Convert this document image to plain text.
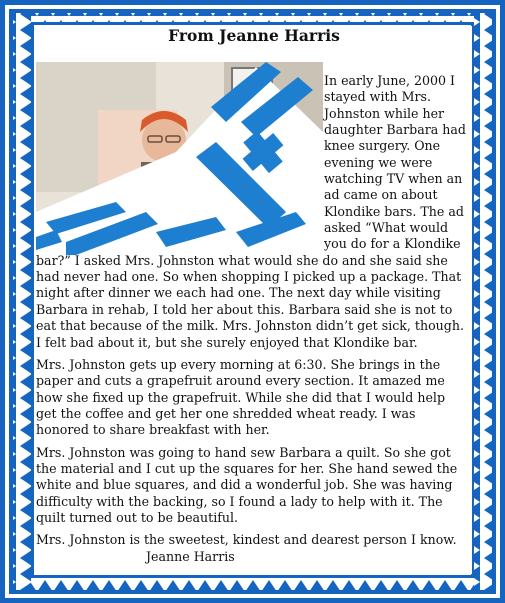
From Jeanne Harris

In early June, 2000 I stayed with Mrs. Johnston while her daughter Barbara had knee surgery. One evening we were watching TV when an ad came on about Klondike bars. The ad asked “What would you do for a Klondike bar?” I asked Mrs. Johnston what would she do and she said she had never had one. So when shopping I picked up a package. That night after dinner we each had one. The next day while visiting Barbara in rehab, I told her about this. Barbara said she is not to eat that because of the milk. Mrs. Johnston didn’t get sick, though. I felt bad about it, but she surely enjoyed that Klondike bar.

Mrs. Johnston gets up every morning at 6:30. She brings in the paper and cuts a grapefruit around every section. It amazed me how she fixed up the grapefruit. While she did that I would help get the coffee and get her one shredded wheat ready. I was honored to share breakfast with her.

Mrs. Johnston was going to hand sew Barbara a quilt. So she got the material and I cut up the squares for her. She hand sewed the white and blue squares, and did a wonderful job. She was having difficulty with the backing, so I found a lady to help with it. The quilt turned out to be beautiful.

Mrs. Johnston is the sweetest, kindest and dearest person I know.

Jeanne Harris
